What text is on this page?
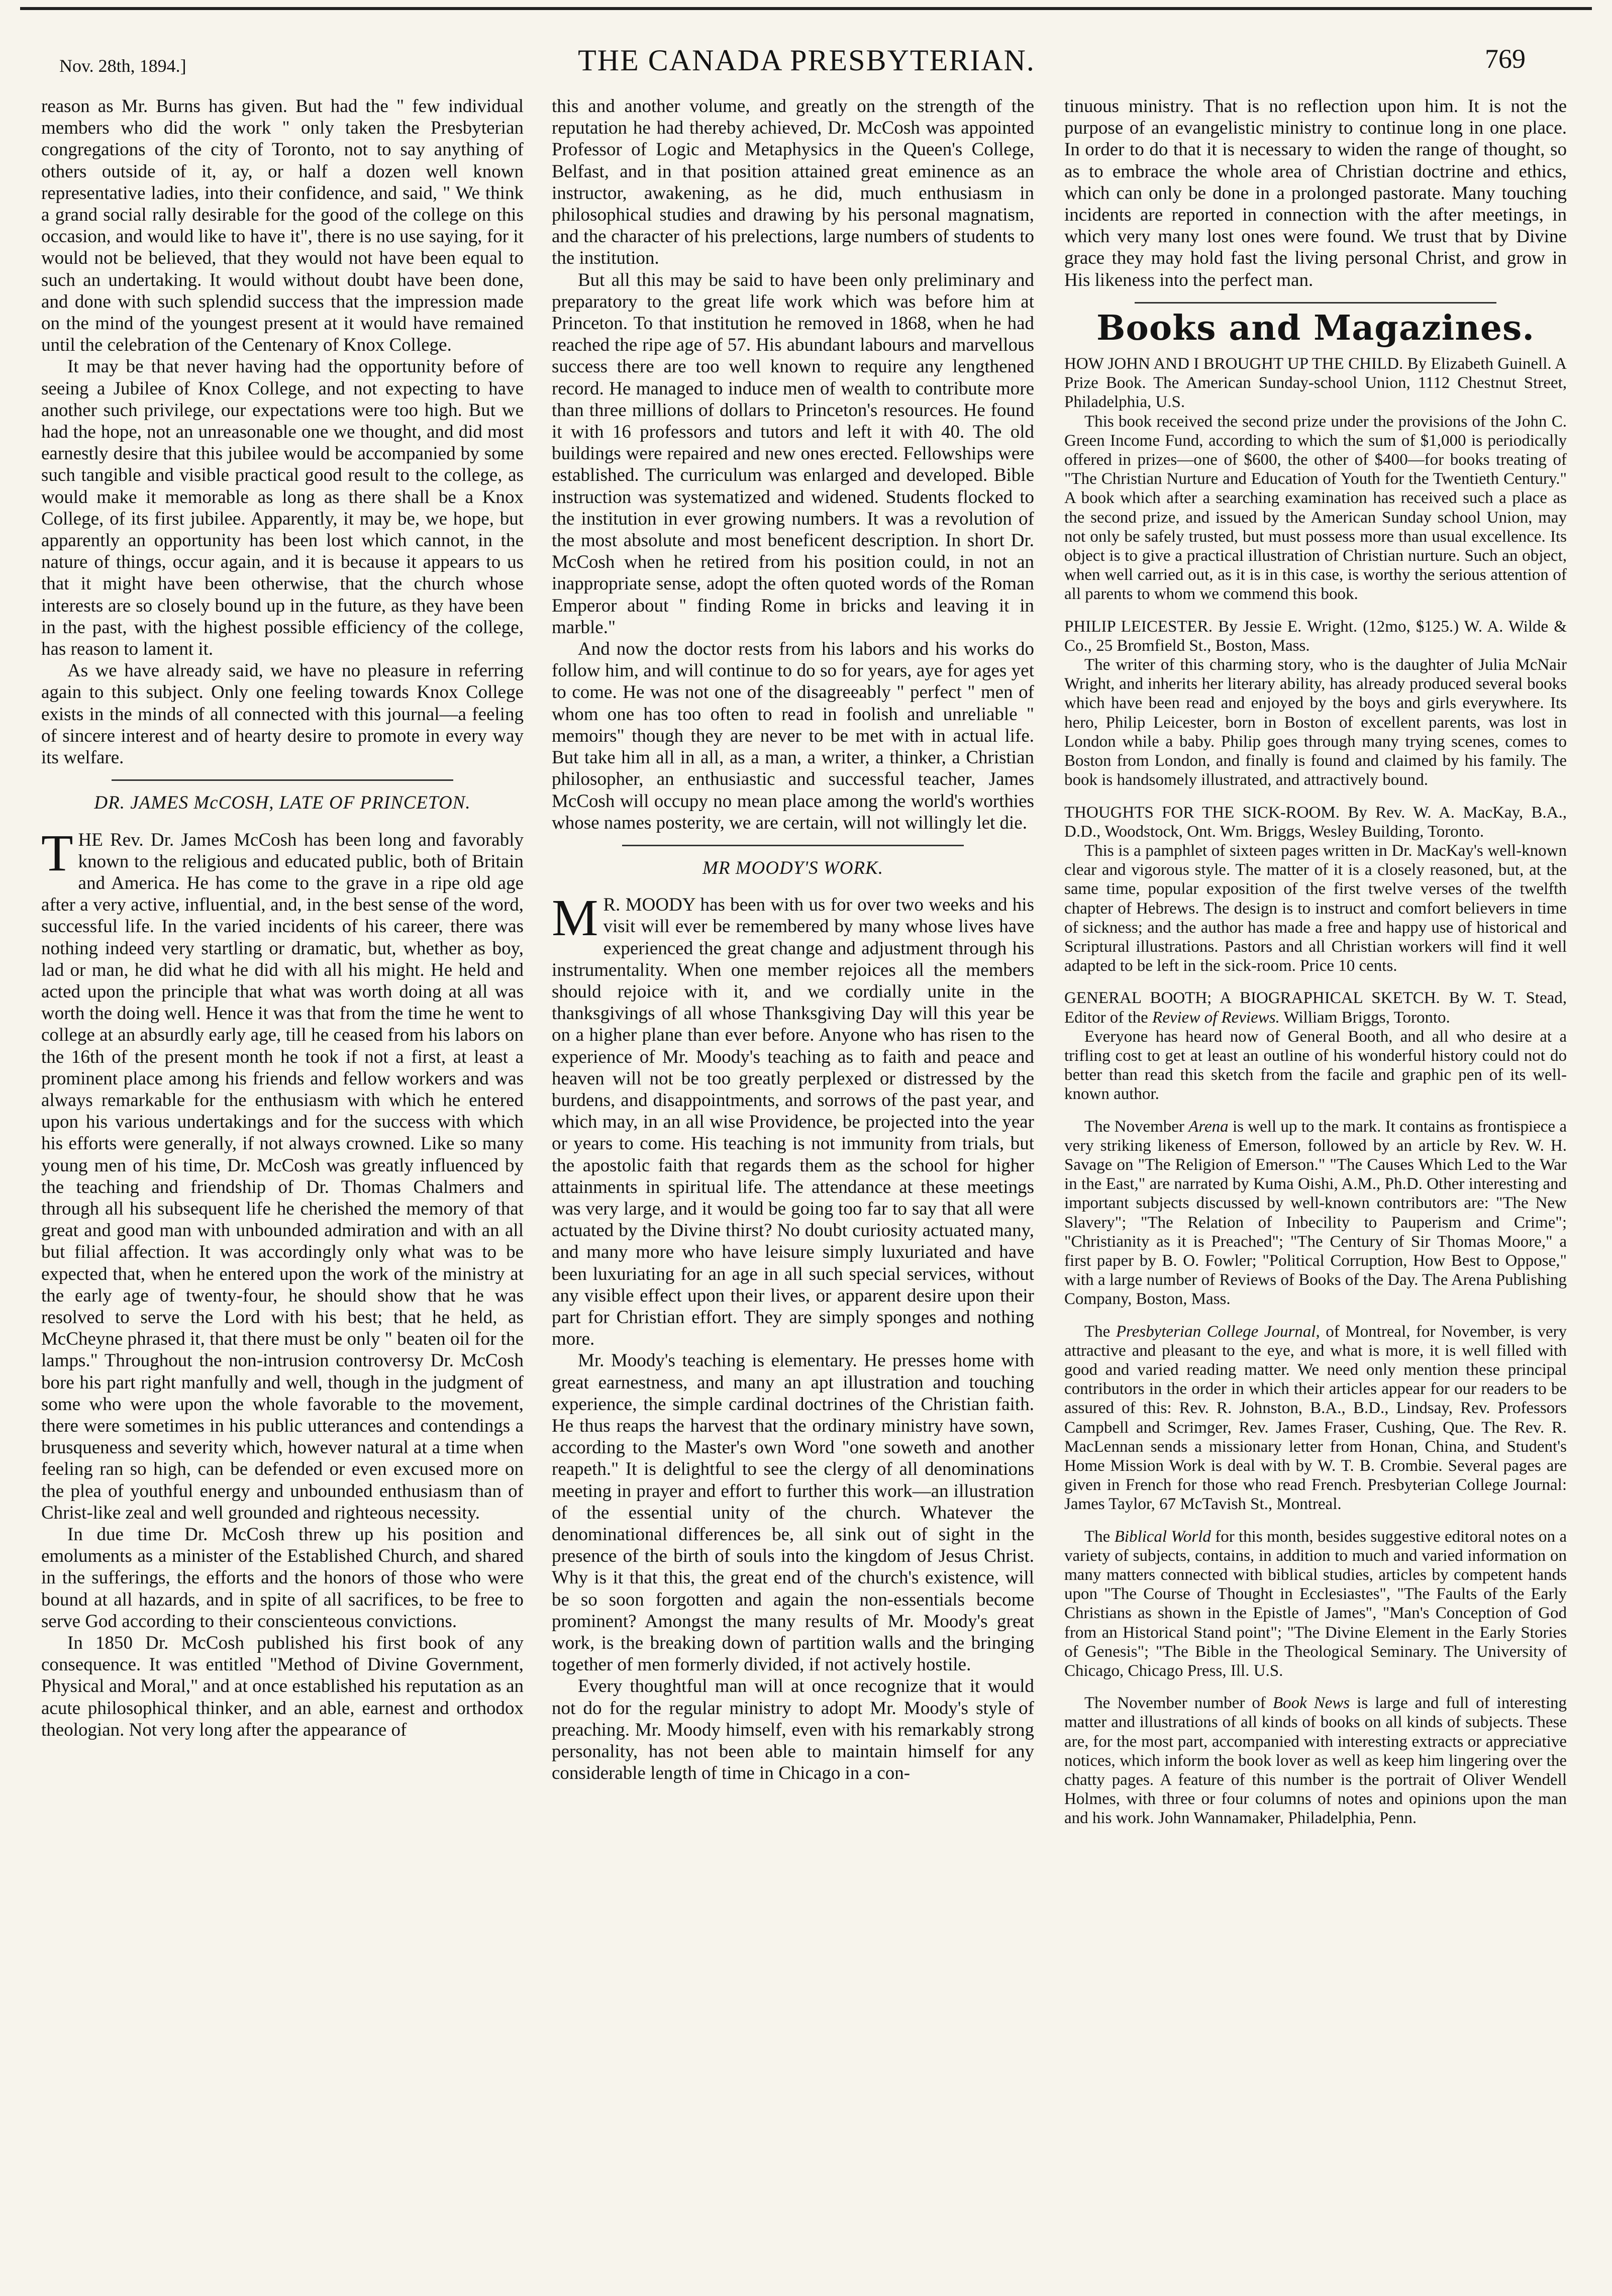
Nov. 28th, 1894.]	THE CANADA PRESBYTERIAN.	769

reason as Mr. Burns has given. But had the " few individual members who did the work " only taken the Presbyterian congregations of the city of Toronto, not to say anything of others outside of it, ay, or half a dozen well known representative ladies, into their confidence, and said, " We think a grand social rally desirable for the good of the college on this occasion, and would like to have it", there is no use saying, for it would not be believed, that they would not have been equal to such an undertaking. It would without doubt have been done, and done with such splendid success that the impression made on the mind of the youngest present at it would have remained until the celebration of the Centenary of Knox College.

It may be that never having had the opportunity before of seeing a Jubilee of Knox College, and not expecting to have another such privilege, our expectations were too high. But we had the hope, not an unreasonable one we thought, and did most earnestly desire that this jubilee would be accompanied by some such tangible and visible practical good result to the college, as would make it memorable as long as there shall be a Knox College, of its first jubilee. Apparently, it may be, we hope, but apparently an opportunity has been lost which cannot, in the nature of things, occur again, and it is because it appears to us that it might have been otherwise, that the church whose interests are so closely bound up in the future, as they have been in the past, with the highest possible efficiency of the college, has reason to lament it.

As we have already said, we have no pleasure in referring again to this subject. Only one feeling towards Knox College exists in the minds of all connected with this journal—a feeling of sincere interest and of hearty desire to promote in every way its welfare.

DR. JAMES McCOSH, LATE OF PRINCETON.

THE Rev. Dr. James McCosh has been long and favorably known to the religious and educated public, both of Britain and America. He has come to the grave in a ripe old age after a very active, influential, and, in the best sense of the word, successful life. In the varied incidents of his career, there was nothing indeed very startling or dramatic, but, whether as boy, lad or man, he did what he did with all his might. He held and acted upon the principle that what was worth doing at all was worth the doing well. Hence it was that from the time he went to college at an absurdly early age, till he ceased from his labors on the 16th of the present month he took if not a first, at least a prominent place among his friends and fellow workers and was always remarkable for the enthusiasm with which he entered upon his various undertakings and for the success with which his efforts were generally, if not always crowned. Like so many young men of his time, Dr. McCosh was greatly influenced by the teaching and friendship of Dr. Thomas Chalmers and through all his subsequent life he cherished the memory of that great and good man with unbounded admiration and with an all but filial affection. It was accordingly only what was to be expected that, when he entered upon the work of the ministry at the early age of twenty-four, he should show that he was resolved to serve the Lord with his best; that he held, as McCheyne phrased it, that there must be only " beaten oil for the lamps." Throughout the non-intrusion controversy Dr. McCosh bore his part right manfully and well, though in the judgment of some who were upon the whole favorable to the movement, there were sometimes in his public utterances and contendings a brusqueness and severity which, however natural at a time when feeling ran so high, can be defended or even excused more on the plea of youthful energy and unbounded enthusiasm than of Christ-like zeal and well grounded and righteous necessity.

In due time Dr. McCosh threw up his position and emoluments as a minister of the Established Church, and shared in the sufferings, the efforts and the honors of those who were bound at all hazards, and in spite of all sacrifices, to be free to serve God according to their conscienteous convictions.

In 1850 Dr. McCosh published his first book of any consequence. It was entitled "Method of Divine Government, Physical and Moral," and at once established his reputation as an acute philosophical thinker, and an able, earnest and orthodox theologian. Not very long after the appearance of

this and another volume, and greatly on the strength of the reputation he had thereby achieved, Dr. McCosh was appointed Professor of Logic and Metaphysics in the Queen's College, Belfast, and in that position attained great eminence as an instructor, awakening, as he did, much enthusiasm in philosophical studies and drawing by his personal magnatism, and the character of his prelections, large numbers of students to the institution.

But all this may be said to have been only preliminary and preparatory to the great life work which was before him at Princeton. To that institution he removed in 1868, when he had reached the ripe age of 57. His abundant labours and marvellous success there are too well known to require any lengthened record. He managed to induce men of wealth to contribute more than three millions of dollars to Princeton's resources. He found it with 16 professors and tutors and left it with 40. The old buildings were repaired and new ones erected. Fellowships were established. The curriculum was enlarged and developed. Bible instruction was systematized and widened. Students flocked to the institution in ever growing numbers. It was a revolution of the most absolute and most beneficent description. In short Dr. McCosh when he retired from his position could, in not an inappropriate sense, adopt the often quoted words of the Roman Emperor about " finding Rome in bricks and leaving it in marble."

And now the doctor rests from his labors and his works do follow him, and will continue to do so for years, aye for ages yet to come. He was not one of the disagreeably " perfect " men of whom one has too often to read in foolish and unreliable " memoirs" though they are never to be met with in actual life. But take him all in all, as a man, a writer, a thinker, a Christian philosopher, an enthusiastic and successful teacher, James McCosh will occupy no mean place among the world's worthies whose names posterity, we are certain, will not willingly let die.

MR MOODY'S WORK.

M R. MOODY has been with us for over two weeks and his visit will ever be remembered by many whose lives have experienced the great change and adjustment through his instrumentality. When one member rejoices all the members should rejoice with it, and we cordially unite in the thanksgivings of all whose Thanksgiving Day will this year be on a higher plane than ever before. Anyone who has risen to the experience of Mr. Moody's teaching as to faith and peace and heaven will not be too greatly perplexed or distressed by the burdens, and disappointments, and sorrows of the past year, and which may, in an all wise Providence, be projected into the year or years to come. His teaching is not immunity from trials, but the apostolic faith that regards them as the school for higher attainments in spiritual life. The attendance at these meetings was very large, and it would be going too far to say that all were actuated by the Divine thirst? No doubt curiosity actuated many, and many more who have leisure simply luxuriated and have been luxuriating for an age in all such special services, without any visible effect upon their lives, or apparent desire upon their part for Christian effort. They are simply sponges and nothing more.

Mr. Moody's teaching is elementary. He presses home with great earnestness, and many an apt illustration and touching experience, the simple cardinal doctrines of the Christian faith. He thus reaps the harvest that the ordinary ministry have sown, according to the Master's own Word "one soweth and another reapeth." It is delightful to see the clergy of all denominations meeting in prayer and effort to further this work—an illustration of the essential unity of the church. Whatever the denominational differences be, all sink out of sight in the presence of the birth of souls into the kingdom of Jesus Christ. Why is it that this, the great end of the church's existence, will be so soon forgotten and again the non-essentials become prominent? Amongst the many results of Mr. Moody's great work, is the breaking down of partition walls and the bringing together of men formerly divided, if not actively hostile.

Every thoughtful man will at once recognize that it would not do for the regular ministry to adopt Mr. Moody's style of preaching. Mr. Moody himself, even with his remarkably strong personality, has not been able to maintain himself for any considerable length of time in Chicago in a con-

tinuous ministry. That is no reflection upon him. It is not the purpose of an evangelistic ministry to continue long in one place. In order to do that it is necessary to widen the range of thought, so as to embrace the whole area of Christian doctrine and ethics, which can only be done in a prolonged pastorate. Many touching incidents are reported in connection with the after meetings, in which very many lost ones were found. We trust that by Divine grace they may hold fast the living personal Christ, and grow in His likeness into the perfect man.

Books and Magazines.

HOW JOHN AND I BROUGHT UP THE CHILD. By Elizabeth Guinell. A Prize Book. The American Sunday-school Union, 1112 Chestnut Street, Philadelphia, U.S.

This book received the second prize under the provisions of the John C. Green Income Fund, according to which the sum of $1,000 is periodically offered in prizes—one of $600, the other of $400—for books treating of "The Christian Nurture and Education of Youth for the Twentieth Century." A book which after a searching examination has received such a place as the second prize, and issued by the American Sunday school Union, may not only be safely trusted, but must possess more than usual excellence. Its object is to give a practical illustration of Christian nurture. Such an object, when well carried out, as it is in this case, is worthy the serious attention of all parents to whom we commend this book.

PHILIP LEICESTER. By Jessie E. Wright. (12mo, $125.) W. A. Wilde & Co., 25 Bromfield St., Boston, Mass.

The writer of this charming story, who is the daughter of Julia McNair Wright, and inherits her literary ability, has already produced several books which have been read and enjoyed by the boys and girls everywhere. Its hero, Philip Leicester, born in Boston of excellent parents, was lost in London while a baby. Philip goes through many trying scenes, comes to Boston from London, and finally is found and claimed by his family. The book is handsomely illustrated, and attractively bound.

THOUGHTS FOR THE SICK-ROOM. By Rev. W. A. MacKay, B.A., D.D., Woodstock, Ont. Wm. Briggs, Wesley Building, Toronto.

This is a pamphlet of sixteen pages written in Dr. MacKay's well-known clear and vigorous style. The matter of it is a closely reasoned, but, at the same time, popular exposition of the first twelve verses of the twelfth chapter of Hebrews. The design is to instruct and comfort believers in time of sickness; and the author has made a free and happy use of historical and Scriptural illustrations. Pastors and all Christian workers will find it well adapted to be left in the sick-room. Price 10 cents.

GENERAL BOOTH; A BIOGRAPHICAL SKETCH. By W. T. Stead, Editor of the Review of Reviews. William Briggs, Toronto.

Everyone has heard now of General Booth, and all who desire at a trifling cost to get at least an outline of his wonderful history could not do better than read this sketch from the facile and graphic pen of its well-known author.

The November Arena is well up to the mark. It contains as frontispiece a very striking likeness of Emerson, followed by an article by Rev. W. H. Savage on "The Religion of Emerson." "The Causes Which Led to the War in the East," are narrated by Kuma Oishi, A.M., Ph.D. Other interesting and important subjects discussed by well-known contributors are: "The New Slavery"; "The Relation of Inbecility to Pauperism and Crime"; "Christianity as it is Preached"; "The Century of Sir Thomas Moore," a first paper by B. O. Fowler; "Political Corruption, How Best to Oppose," with a large number of Reviews of Books of the Day. The Arena Publishing Company, Boston, Mass.

The Presbyterian College Journal, of Montreal, for November, is very attractive and pleasant to the eye, and what is more, it is well filled with good and varied reading matter. We need only mention these principal contributors in the order in which their articles appear for our readers to be assured of this: Rev. R. Johnston, B.A., B.D., Lindsay, Rev. Professors Campbell and Scrimger, Rev. James Fraser, Cushing, Que. The Rev. R. MacLennan sends a missionary letter from Honan, China, and Student's Home Mission Work is deal with by W. T. B. Crombie. Several pages are given in French for those who read French. Presbyterian College Journal: James Taylor, 67 McTavish St., Montreal.

The Biblical World for this month, besides suggestive editoral notes on a variety of subjects, contains, in addition to much and varied information on many matters connected with biblical studies, articles by competent hands upon "The Course of Thought in Ecclesiastes", "The Faults of the Early Christians as shown in the Epistle of James", "Man's Conception of God from an Historical Stand point"; "The Divine Element in the Early Stories of Genesis"; "The Bible in the Theological Seminary. The University of Chicago, Chicago Press, Ill. U.S.

The November number of Book News is large and full of interesting matter and illustrations of all kinds of books on all kinds of subjects. These are, for the most part, accompanied with interesting extracts or appreciative notices, which inform the book lover as well as keep him lingering over the chatty pages. A feature of this number is the portrait of Oliver Wendell Holmes, with three or four columns of notes and opinions upon the man and his work. John Wannamaker, Philadelphia, Penn.
